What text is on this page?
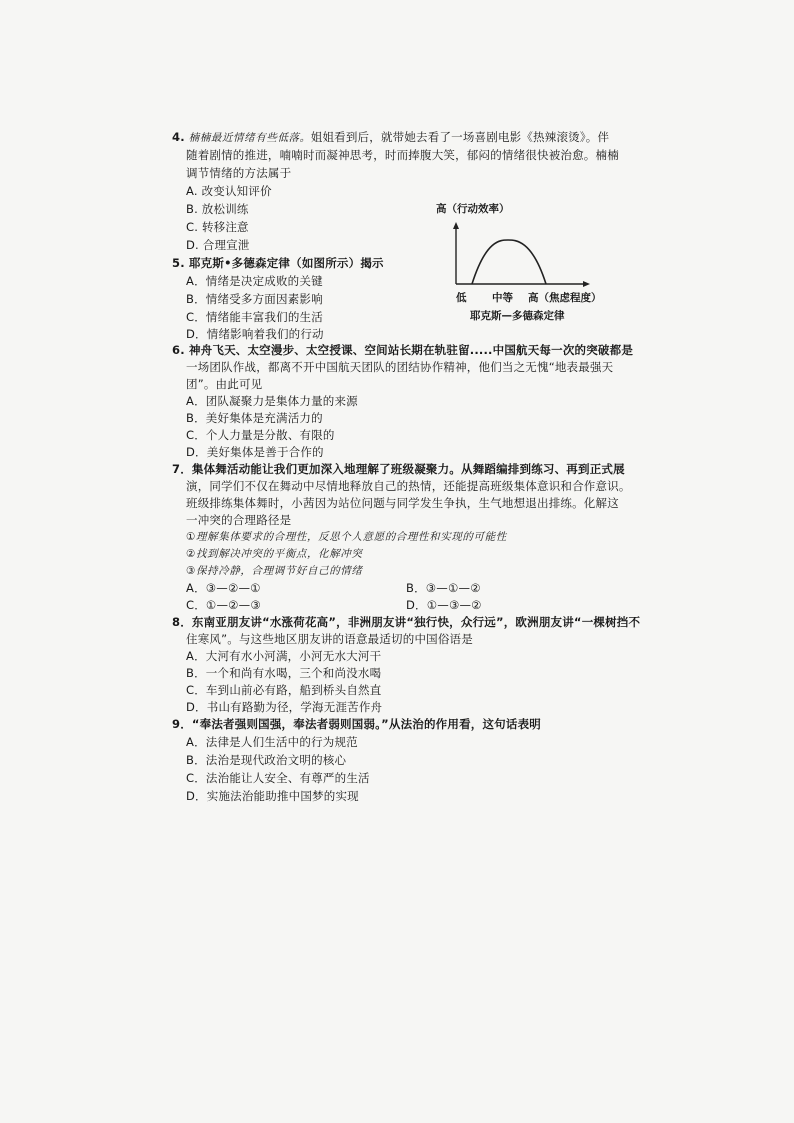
4. 楠楠最近情绪有些低落。姐姐看到后，就带她去看了一场喜剧电影《热辣滚烫》。伴
随着剧情的推进，喃喃时而凝神思考，时而捧腹大笑，郁闷的情绪很快被治愈。楠楠
调节情绪的方法属于
A. 改变认知评价
B. 放松训练
C. 转移注意
D. 合理宣泄
5. 耶克斯•多德森定律（如图所示）揭示
A．情绪是决定成败的关键
B．情绪受多方面因素影响
C．情绪能丰富我们的生活
D．情绪影响着我们的行动
高（行动效率）
低 中等 高（焦虑程度）
耶克斯—多德森定律
6. 神舟飞天、太空漫步、太空授课、空间站长期在轨驻留.....中国航天每一次的突破都是
一场团队作战，都离不开中国航天团队的团结协作精神，他们当之无愧“地表最强天
团”。由此可见
A．团队凝聚力是集体力量的来源
B．美好集体是充满活力的
C．个人力量是分散、有限的
D．美好集体是善于合作的
7．集体舞活动能让我们更加深入地理解了班级凝聚力。从舞蹈编排到练习、再到正式展
演，同学们不仅在舞动中尽情地释放自己的热情，还能提高班级集体意识和合作意识。
班级排练集体舞时，小茜因为站位问题与同学发生争执，生气地想退出排练。化解这
一冲突的合理路径是
①理解集体要求的合理性，反思个人意愿的合理性和实现的可能性
②找到解决冲突的平衡点，化解冲突
③保持冷静，合理调节好自己的情绪
A．③—②—①	B．③—①—②
C．①—②—③	D．①—③—②
8．东南亚朋友讲“水涨荷花高”，非洲朋友讲“独行快，众行远”，欧洲朋友讲“一棵树挡不
住寒风”。与这些地区朋友讲的语意最适切的中国俗语是
A．大河有水小河满，小河无水大河干
B．一个和尚有水喝，三个和尚没水喝
C．车到山前必有路，船到桥头自然直
D．书山有路勤为径，学海无涯苦作舟
9．“奉法者强则国强，奉法者弱则国弱。”从法治的作用看，这句话表明
A．法律是人们生活中的行为规范
B．法治是现代政治文明的核心
C．法治能让人安全、有尊严的生活
D．实施法治能助推中国梦的实现
